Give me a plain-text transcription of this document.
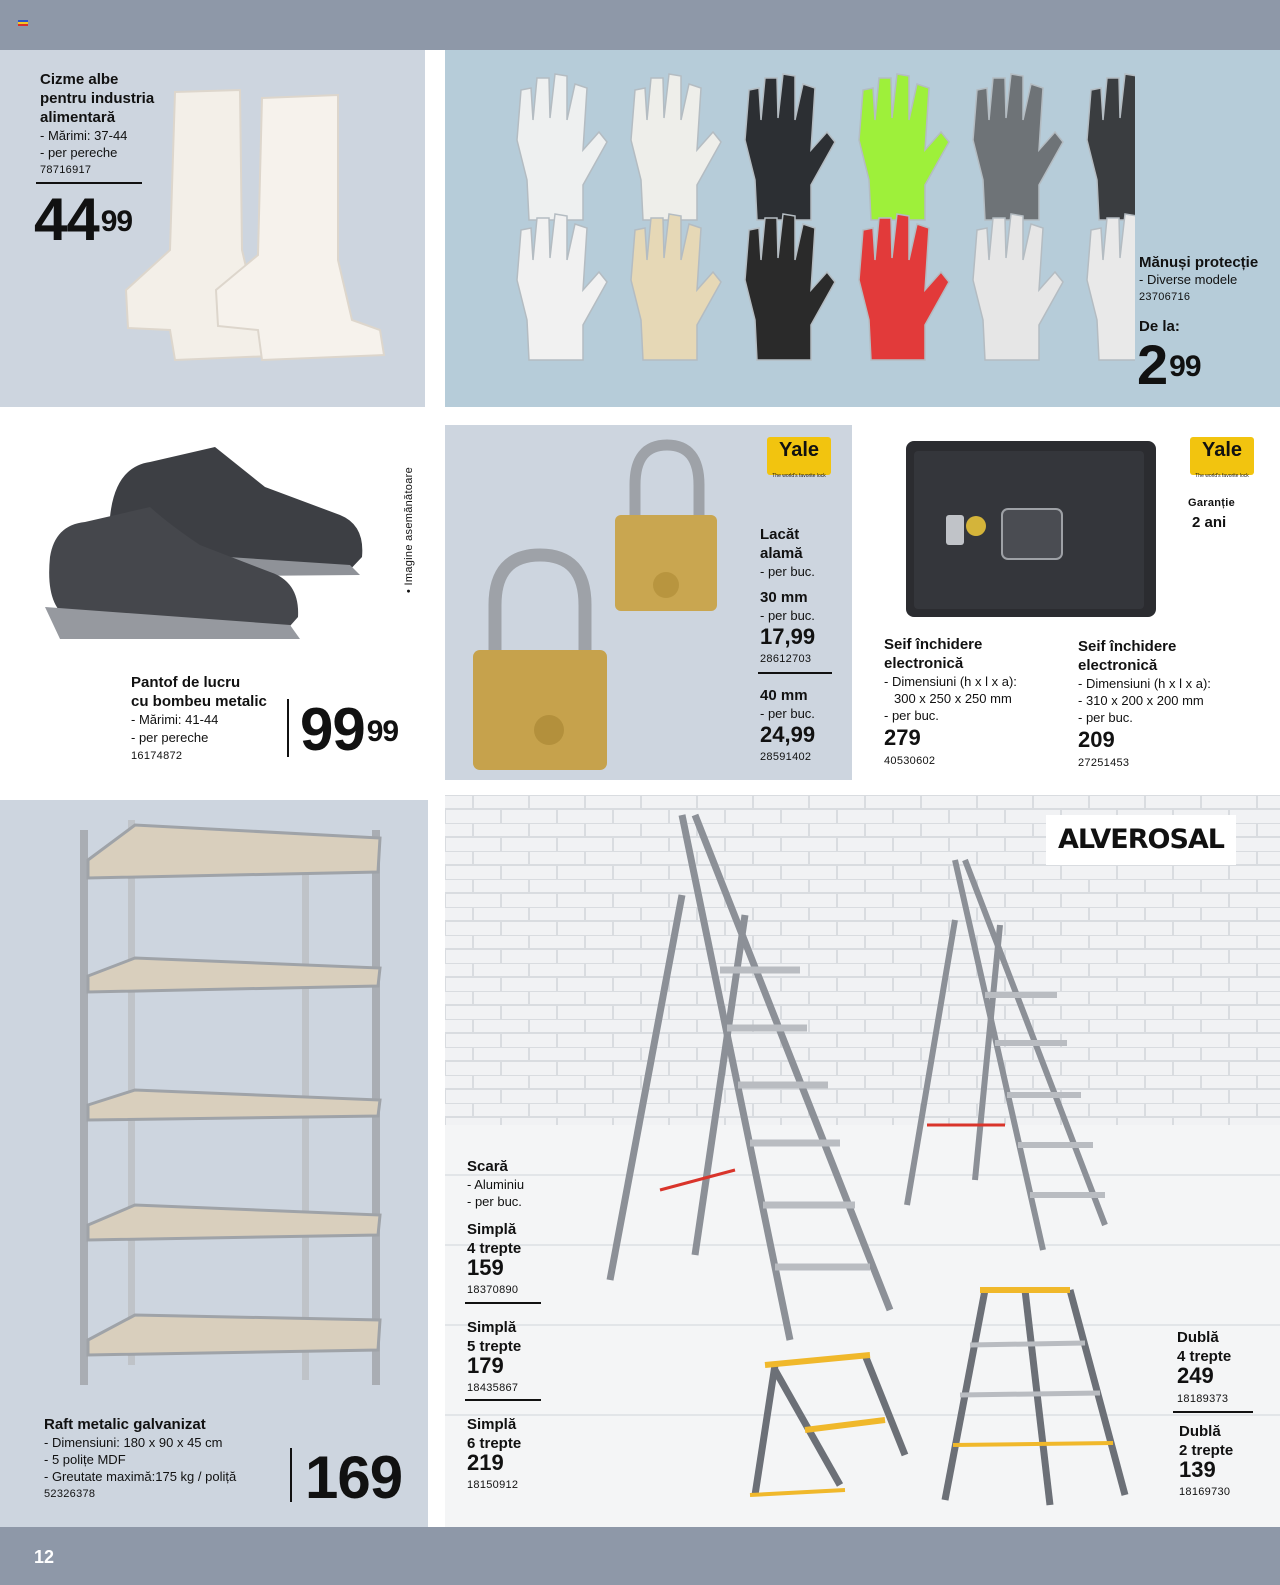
12

Cizme albe

pentru industria

alimentară

- Mărimi: 37-44

- per pereche

78716917

$44^{99}$

Mănuși protecție

- Diverse modele

23706716

De la:

$2^{99}$

• Imagine asemănătoare

Pantof de lucru

cu bombeu metalic

- Mărimi: 41-44

- per pereche

16174872 $99^{99}$
Yale
The world's favorite lock

Lacăt

alamă

- per buc.

30 mm

- per buc.

17,99

28612703

40 mm

- per buc.

24,99

28591402

Yale
The world's favorite lock

Garanție

2 ani

Seif închidere

electronică

- Dimensiuni (h x l x a):

300 x 250 x 250 mm

- per buc.

279

40530602

Seif închidere

electronică

- Dimensiuni (h x l x a):

- 310 x 200 x 200 mm

- per buc.

209

27251453

Raft metalic galvanizat

- Dimensiuni: 180 x 90 x 45 cm

- 5 polițe MDF

- Greutate maximă:175 kg / poliță

52326378	169
ALVEROSAL

Scară

- Aluminiu

- per buc.

Simplă

4 trepte

159

18370890

Simplă

5 trepte

179

18435867

Simplă

6 trepte

219

18150912

Dublă

4 trepte

249

18189373

Dublă

2 trepte

139

18169730
